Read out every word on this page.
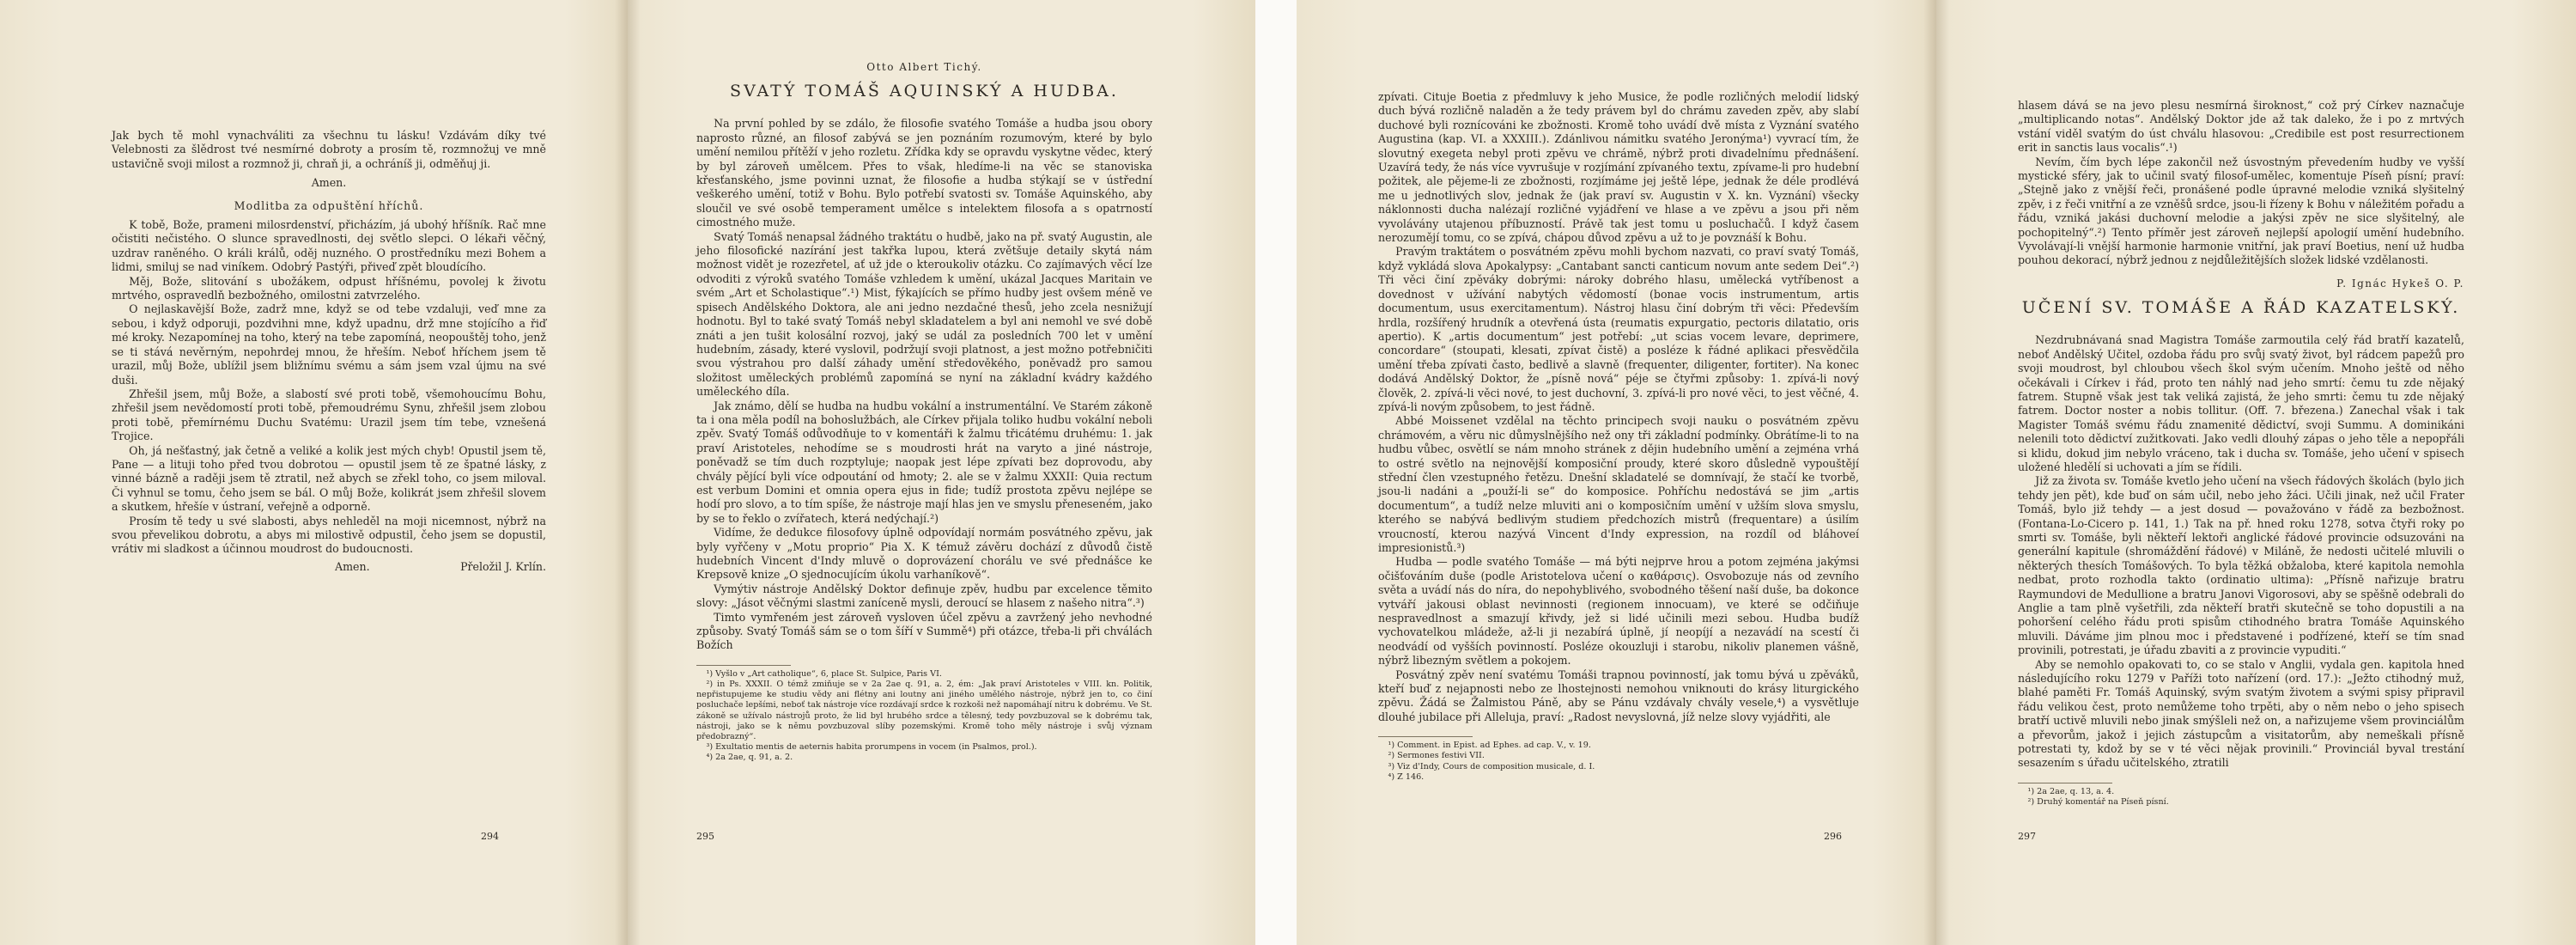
Jak bych tě mohl vynachváliti za všechnu tu lásku! Vzdávám díky tvé Velebnosti za šlědrost tvé nesmírné dobroty a prosím tě, rozmnožuj ve mně ustavičně svoji milost a rozmnož ji, chraň ji, a ochráníš ji, odměňuj ji.

Amen.

Modlitba za odpuštění hříchů.

K tobě, Bože, prameni milosrdenství, přicházím, já ubohý hříšník. Rač mne očistiti nečistého. O slunce spravedlnosti, dej světlo slepci. O lékaři věčný, uzdrav raněného. O králi králů, oděj nuzného. O prostředníku mezi Bohem a lidmi, smiluj se nad viníkem. Odobrý Pastýři, přiveď zpět bloudícího.

Měj, Bože, slitování s ubožákem, odpust hříšnému, povolej k životu mrtvého, ospravedlň bezbožného, omilostni zatvrzelého.

O nejlaskavější Bože, zadrž mne, když se od tebe vzdaluji, veď mne za sebou, i když odporuji, pozdvihni mne, když upadnu, drž mne stojícího a řiď mé kroky. Nezapomínej na toho, který na tebe zapomíná, neopouštěj toho, jenž se ti stává nevěrným, nepohrdej mnou, že hřeším. Neboť hříchem jsem tě urazil, můj Bože, ublížil jsem bližnímu svému a sám jsem vzal újmu na své duši.

Zhřešil jsem, můj Bože, a slabostí své proti tobě, všemohoucímu Bohu, zhřešil jsem nevědomostí proti tobě, přemoudrému Synu, zhřešil jsem zlobou proti tobě, přemírnému Duchu Svatému: Urazil jsem tím tebe, vznešená Trojice.

Oh, já nešťastný, jak četně a veliké a kolik jest mých chyb! Opustil jsem tě, Pane — a lituji toho před tvou dobrotou — opustil jsem tě ze špatné lásky, z vinné bázně a raději jsem tě ztratil, než abych se zřekl toho, co jsem miloval. Či vyhnul se tomu, čeho jsem se bál. O můj Bože, kolikrát jsem zhřešil slovem a skutkem, hřešíe v ústraní, veřejně a odporně.

Prosím tě tedy u své slabosti, abys nehleděl na moji nicemnost, nýbrž na svou převelikou dobrotu, a abys mi milostivě odpustil, čeho jsem se dopustil, vrátiv mi sladkost a účinnou moudrost do budoucnosti.

Amen.	Přeložil J. Krlín.
294

Otto Albert Tichý.

SVATÝ TOMÁŠ AQUINSKÝ A HUDBA.

Na první pohled by se zdálo, že filosofie svatého Tomáše a hudba jsou obory naprosto různé, an filosof zabývá se jen poznáním rozumovým, které by bylo umění nemilou přítěží v jeho rozletu. Zřídka kdy se opravdu vyskytne vědec, který by byl zároveň umělcem. Přes to však, hledíme-li na věc se stanoviska křesťanského, jsme povinni uznat, že filosofie a hudba stýkají se v ústřední veškerého umění, totiž v Bohu. Bylo potřebí svatosti sv. Tomáše Aquinského, aby sloučil ve své osobě temperament umělce s intelektem filosofa a s opatrností cimostného muže.

Svatý Tomáš nenapsal žádného traktátu o hudbě, jako na př. svatý Augustin, ale jeho filosofické nazírání jest takřka lupou, která zvětšuje detaily skytá nám možnost vidět je rozezřetel, ať už jde o kteroukoliv otázku. Co zajímavých věcí lze odvoditi z výroků svatého Tomáše vzhledem k umění, ukázal Jacques Maritain ve svém „Art et Scholastique“.¹) Mist, fýkajících se přímo hudby jest ovšem méně ve spisech Andělského Doktora, ale ani jedno nezdačné thesů, jeho zcela nesnižují hodnotu. Byl to také svatý Tomáš nebyl skladatelem a byl ani nemohl ve své době znáti a jen tušit kolosální rozvoj, jaký se udál za posledních 700 let v umění hudebním, zásady, které vyslovil, podržují svoji platnost, a jest možno potřebničiti svou výstrahou pro další záhady umění středověkého, poněvadž pro samou složitost uměleckých problémů zapomíná se nyní na základní kvádry každého uměleckého díla.

Jak známo, dělí se hudba na hudbu vokální a instrumentální. Ve Starém zákoně ta i ona měla podíl na bohoslužbách, ale Církev přijala toliko hudbu vokální neboli zpěv. Svatý Tomáš odůvodňuje to v komentáři k žalmu třicátému druhému: 1. jak praví Aristoteles, nehodíme se s moudrosti hrát na varyto a jiné nástroje, poněvadž se tím duch rozptyluje; naopak jest lépe zpívati bez doprovodu, aby chvály pějící byli více odpoutání od hmoty; 2. ale se v žalmu XXXII: Quia rectum est verbum Domini et omnia opera ejus in fide; tudíž prostota zpěvu nejlépe se hodí pro slovo, a to tím spíše, že nástroje mají hlas jen ve smyslu přeneseném, jako by se to řeklo o zvířatech, která nedýchají.²)

Vidíme, že dedukce filosofovy úplně odpovídají normám posvátného zpěvu, jak byly vyřčeny v „Motu proprio“ Pia X. K témuž závěru dochází z důvodů čistě hudebních Vincent d'Indy mluvě o doprovázení chorálu ve své přednášce ke Krepsově knize „O sjednocujícím úkolu varhaníkově“.

Vymýtiv nástroje Andělský Doktor definuje zpěv, hudbu par excelence těmito slovy: „Jásot věčnými slastmi zaníceně mysli, deroucí se hlasem z našeho nitra“.³)

Timto vymřeném jest zároveň vysloven účel zpěvu a zavržený jeho nevhodné způsoby. Svatý Tomáš sám se o tom šíří v Summě⁴) při otázce, třeba-li při chválách Božích

¹) Vyšlo v „Art catholique“, 6, place St. Sulpice, Paris VI.

²) in Ps. XXXII. O témž zmiňuje se v 2a 2ae q. 91, a. 2, ém: „Jak praví Aristoteles v VIII. kn. Politik, nepřistupujeme ke studiu vědy ani flétny ani loutny ani jiného umělého nástroje, nýbrž jen to, co činí posluchače lepšími, neboť tak nástroje více rozdávají srdce k rozkoši než napomáhají nitru k dobrému. Ve St. zákoně se užívalo nástrojů proto, že lid byl hrubého srdce a tělesný, tedy povzbuzoval se k dobrému tak, nástroji, jako se k němu povzbuzoval slíby pozemskými. Kromě toho měly nástroje i svůj význam předobrazný“.

³) Exultatio mentis de aeternis habita prorumpens in vocem (in Psalmos, prol.).

⁴) 2a 2ae, q. 91, a. 2.

295

zpívati. Cituje Boetia z předmluvy k jeho Musice, že podle rozličných melodií lidský duch bývá rozličně naladěn a že tedy právem byl do chrámu zaveden zpěv, aby slabí duchové byli roznícováni ke zbožnosti. Kromě toho uvádí dvě místa z Vyznání svatého Augustina (kap. VI. a XXXIII.). Zdánlivou námitku svatého Jeronýma¹) vyvrací tím, že slovutný exegeta nebyl proti zpěvu ve chrámě, nýbrž proti divadelnímu přednášení. Uzavírá tedy, že nás více vyvrušuje v rozjímání zpívaného textu, zpívame-li pro hudební požitek, ale pějeme-li ze zbožnosti, rozjímáme jej ještě lépe, jednak že déle prodlévá me u jednotlivých slov, jednak že (jak praví sv. Augustin v X. kn. Vyznání) všecky náklonnosti ducha nalézají rozličné vyjádření ve hlase a ve zpěvu a jsou při něm vyvolávány utajenou příbuzností. Právě tak jest tomu u posluchačů. I když časem nerozumějí tomu, co se zpívá, chápou důvod zpěvu a už to je povznáší k Bohu.

Pravým traktátem o posvátném zpěvu mohli bychom nazvati, co praví svatý Tomáš, když vykládá slova Apokalypsy: „Cantabant sancti canticum novum ante sedem Dei“.²) Tři věci činí zpěváky dobrými: nároky dobrého hlasu, umělecká vytříbenost a dovednost v užívání nabytých vědomostí (bonae vocis instrumentum, artis documentum, usus exercitamentum). Nástroj hlasu činí dobrým tři věci: Především hrdla, rozšířený hrudník a otevřená ústa (reumatis expurgatio, pectoris dilatatio, oris apertio). K „artis documentum“ jest potřebí: „ut scias vocem levare, deprimere, concordare“ (stoupati, klesati, zpívat čistě) a posléze k řádné aplikaci přesvědčila umění třeba zpívati často, bedlivě a slavně (frequenter, diligenter, fortiter). Na konec dodává Andělský Doktor, že „písně nová“ péje se čtyřmi způsoby: 1. zpívá-li nový člověk, 2. zpívá-li věci nové, to jest duchovní, 3. zpívá-li pro nové věci, to jest věčné, 4. zpívá-li novým způsobem, to jest řádně.

Abbé Moissenet vzdělal na těchto principech svoji nauku o posvátném zpěvu chrámovém, a věru nic důmyslnějšího než ony tři základní podmínky. Obrátíme-li to na hudbu vůbec, osvětlí se nám mnoho stránek z dějin hudebního umění a zejména vrhá to ostré světlo na nejnovější komposiční proudy, které skoro důsledně vypouštějí střední člen vzestupného řetězu. Dnešní skladatelé se domnívají, že stačí ke tvorbě, jsou-li nadáni a „použí-li se“ do komposice. Pohříchu nedostává se jim „artis documentum“, a tudíž nelze mluviti ani o komposičním umění v užším slova smyslu, kterého se nabývá bedlivým studiem předchozích mistrů (frequentare) a úsilím vroucností, kterou nazývá Vincent d'Indy expression, na rozdíl od bláhoveí impresionistů.³)

Hudba — podle svatého Tomáše — má býti nejprve hrou a potom zejména jakýmsi očišťováním duše (podle Aristotelova učení o καθάρσις). Osvobozuje nás od zevního světa a uvádí nás do níra, do nepohyblivého, svobodného těšení naší duše, ba dokonce vytváří jakousi oblast nevinnosti (regionem innocuam), ve které se odčiňuje nespravedlnost a smazují křivdy, jež si lidé učinili mezi sebou. Hudba budíž vychovatelkou mládeže, až-li ji nezabírá úplně, jí neopíjí a nezavádí na scestí či neodvádí od vyšších povinností. Posléze okouzluji i starobu, nikoliv planemen vášně, nýbrž libezným světlem a pokojem.

Posvátný zpěv není svatému Tomáši trapnou povinností, jak tomu bývá u zpěváků, kteří buď z nejapnosti nebo ze lhostejnosti nemohou vniknouti do krásy liturgického zpěvu. Žádá se Žalmistou Páně, aby se Pánu vzdávaly chvály vesele,⁴) a vysvětluje dlouhé jubilace při Alleluja, praví: „Radost nevyslovná, jíž nelze slovy vyjádřiti, ale

¹) Comment. in Epist. ad Ephes. ad cap. V., v. 19.

²) Sermones festivi VII.

³) Viz d'Indy, Cours de composition musicale, d. I.

⁴) Z 146.

296

hlasem dává se na jevo plesu nesmírná široknost,“ což prý Církev naznačuje „multiplicando notas“. Andělský Doktor jde až tak daleko, že i po z mrtvých vstání viděl svatým do úst chválu hlasovou: „Credibile est post resurrectionem erit in sanctis laus vocalis“.¹)

Nevím, čím bych lépe zakončil než úsvostným převedením hudby ve vyšší mystické sféry, jak to učinil svatý filosof-umělec, komentuje Píseň písní; praví: „Stejně jako z vnější řeči, pronášené podle úpravné melodie vzniká slyšitelný zpěv, i z řeči vnitřní a ze vzněšů srdce, jsou-li řízeny k Bohu v náležitém pořadu a řádu, vzniká jakási duchovní melodie a jakýsi zpěv ne sice slyšitelný, ale pochopitelný“.²) Tento příměr jest zároveň nejlepší apologií umění hudebního. Vyvolávají-li vnější harmonie harmonie vnitřní, jak praví Boetius, není už hudba pouhou dekorací, nýbrž jednou z nejdůležitějších složek lidské vzdělanosti.

P. Ignác Hykeš O. P.

UČENÍ SV. TOMÁŠE A ŘÁD KAZATELSKÝ.

Nezdrubnávaná snad Magistra Tomáše zarmoutila celý řád bratří kazatelů, neboť Andělský Učitel, ozdoba řádu pro svůj svatý život, byl rádcem papežů pro svoji moudrost, byl chloubou všech škol svým učením. Mnoho ještě od něho očekávali i Církev i řád, proto ten náhlý nad jeho smrtí: čemu tu zde nějaký fatrem. Stupně však jest tak veliká zajistá, že jeho smrti: čemu tu zde nějaký fatrem. Doctor noster a nobis tollitur. (Off. 7. březena.) Zanechal však i tak Magister Tomáš svému řádu znamenité dědictví, svoji Summu. A dominikáni nelenili toto dědictví zužitkovati. Jako vedli dlouhý zápas o jeho těle a nepopřáli si klidu, dokud jim nebylo vráceno, tak i ducha sv. Tomáše, jeho učení v spisech uložené hledělí si uchovati a jím se řídili.

Již za života sv. Tomáše kvetlo jeho učení na všech řádových školách (bylo jich tehdy jen pět), kde buď on sám učil, nebo jeho žáci. Učili jinak, než učil Frater Tomáš, bylo již tehdy — a jest dosud — považováno v řádě za bezbožnost. (Fontana-Lo-Cicero p. 141, 1.) Tak na př. hned roku 1278, sotva čtyři roky po smrti sv. Tomáše, byli někteří lektoři anglické řádové provincie odsuzováni na generální kapitule (shromáždění řádové) v Miláně, že nedosti učitelé mluvili o některých thesích Tomášových. To byla těžká obžaloba, které kapitola nemohla nedbat, proto rozhodla takto (ordinatio ultima): „Přísně nařizuje bratru Raymundovi de Medullione a bratru Janovi Vigorosovi, aby se spěšně odebrali do Anglie a tam plně vyšetřili, zda někteří bratři skutečně se toho dopustili a na pohoršení celého řádu proti spisům ctihodného bratra Tomáše Aquinského mluvili. Dáváme jim plnou moc i představené i podřízené, kteří se tím snad provinili, potrestati, je úřadu zbaviti a z provincie vypuditi.“

Aby se nemohlo opakovati to, co se stalo v Anglii, vydala gen. kapitola hned následujícího roku 1279 v Paříži toto nařízení (ord. 17.): „Ježto ctihodný muž, blahé paměti Fr. Tomáš Aquinský, svým svatým životem a svými spisy připravil řádu velikou čest, proto nemůžeme toho trpěti, aby o něm nebo o jeho spisech bratří uctivě mluvili nebo jinak smýšleli než on, a nařizujeme všem provinciálům a převorům, jakož i jejich zástupcům a visitatorům, aby nemeškali přísně potrestati ty, kdož by se v té věci nějak provinili.“ Provinciál byval trestání sesazením s úřadu učitelského, ztratili

¹) 2a 2ae, q. 13, a. 4.

²) Druhý komentář na Píseň písní.

297
